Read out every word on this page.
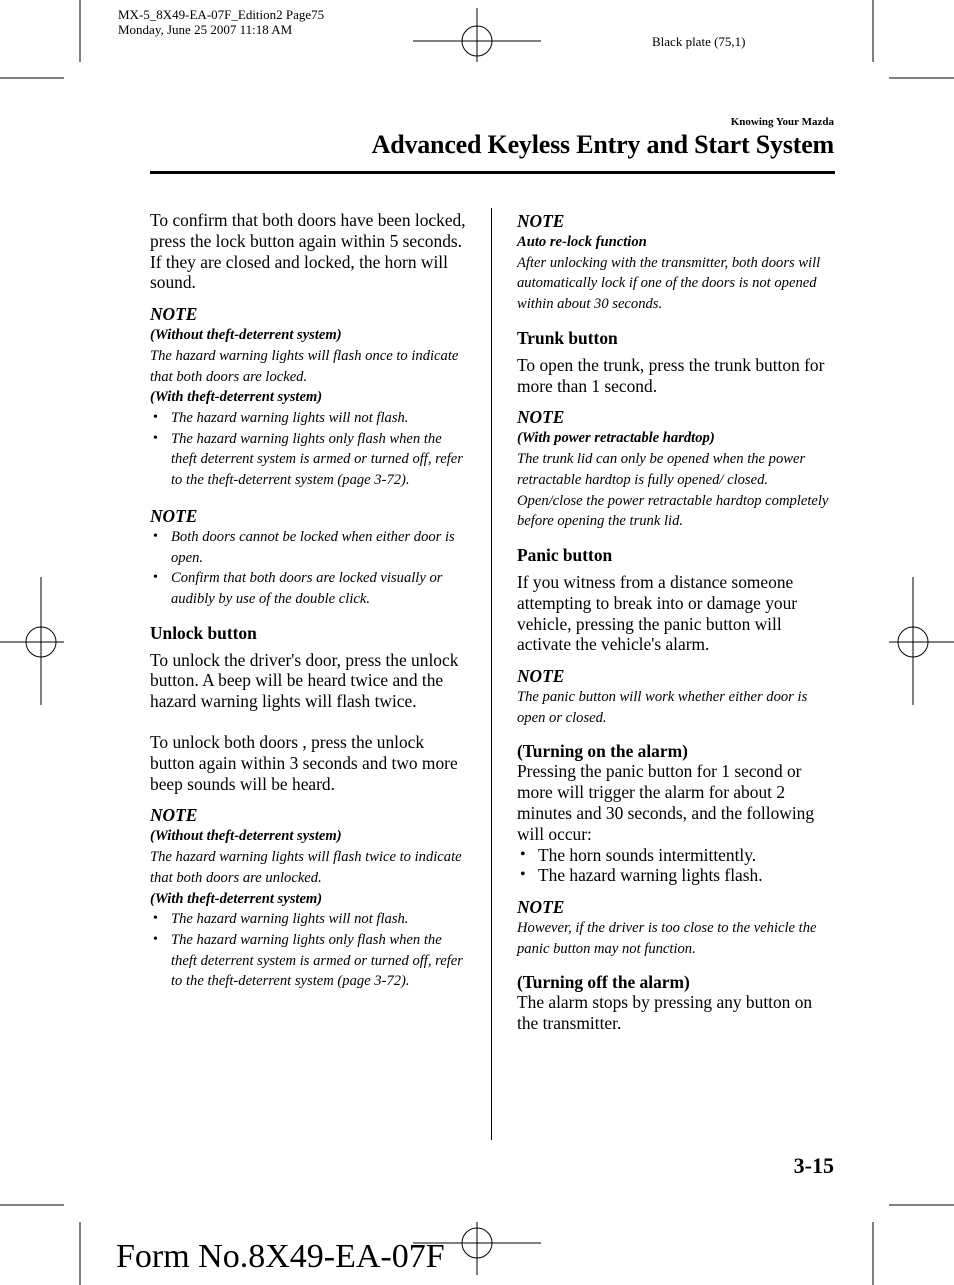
MX-5_8X49-EA-07F_Edition2 Page75
Monday, June 25 2007 11:18 AM
Black plate (75,1)
Knowing Your Mazda
Advanced Keyless Entry and Start System

To confirm that both doors have been locked, press the lock button again within 5 seconds. If they are closed and locked, the horn will sound.

NOTE
(Without theft-deterrent system)

The hazard warning lights will flash once to indicate that both doors are locked.

(With theft-deterrent system)
• The hazard warning lights will not flash.
• The hazard warning lights only flash when the theft deterrent system is armed or turned off, refer to the theft-deterrent system (page 3-72).
NOTE
• Both doors cannot be locked when either door is open.
• Confirm that both doors are locked visually or audibly by use of the double click.
Unlock button

To unlock the driver's door, press the unlock button. A beep will be heard twice and the hazard warning lights will flash twice.

To unlock both doors , press the unlock button again within 3 seconds and two more beep sounds will be heard.

NOTE
(Without theft-deterrent system)

The hazard warning lights will flash twice to indicate that both doors are unlocked.

(With theft-deterrent system)
• The hazard warning lights will not flash.
• The hazard warning lights only flash when the theft deterrent system is armed or turned off, refer to the theft-deterrent system (page 3-72).
NOTE
Auto re-lock function

After unlocking with the transmitter, both doors will automatically lock if one of the doors is not opened within about 30 seconds.

Trunk button

To open the trunk, press the trunk button for more than 1 second.

NOTE
(With power retractable hardtop)

The trunk lid can only be opened when the power retractable hardtop is fully opened/ closed. Open/close the power retractable hardtop completely before opening the trunk lid.

Panic button

If you witness from a distance someone attempting to break into or damage your vehicle, pressing the panic button will activate the vehicle's alarm.

NOTE

The panic button will work whether either door is open or closed.

(Turning on the alarm)

Pressing the panic button for 1 second or more will trigger the alarm for about 2 minutes and 30 seconds, and the following will occur:

• The horn sounds intermittently.
• The hazard warning lights flash.
NOTE

However, if the driver is too close to the vehicle the panic button may not function.

(Turning off the alarm)

The alarm stops by pressing any button on the transmitter.

3-15
Form No.8X49-EA-07F
